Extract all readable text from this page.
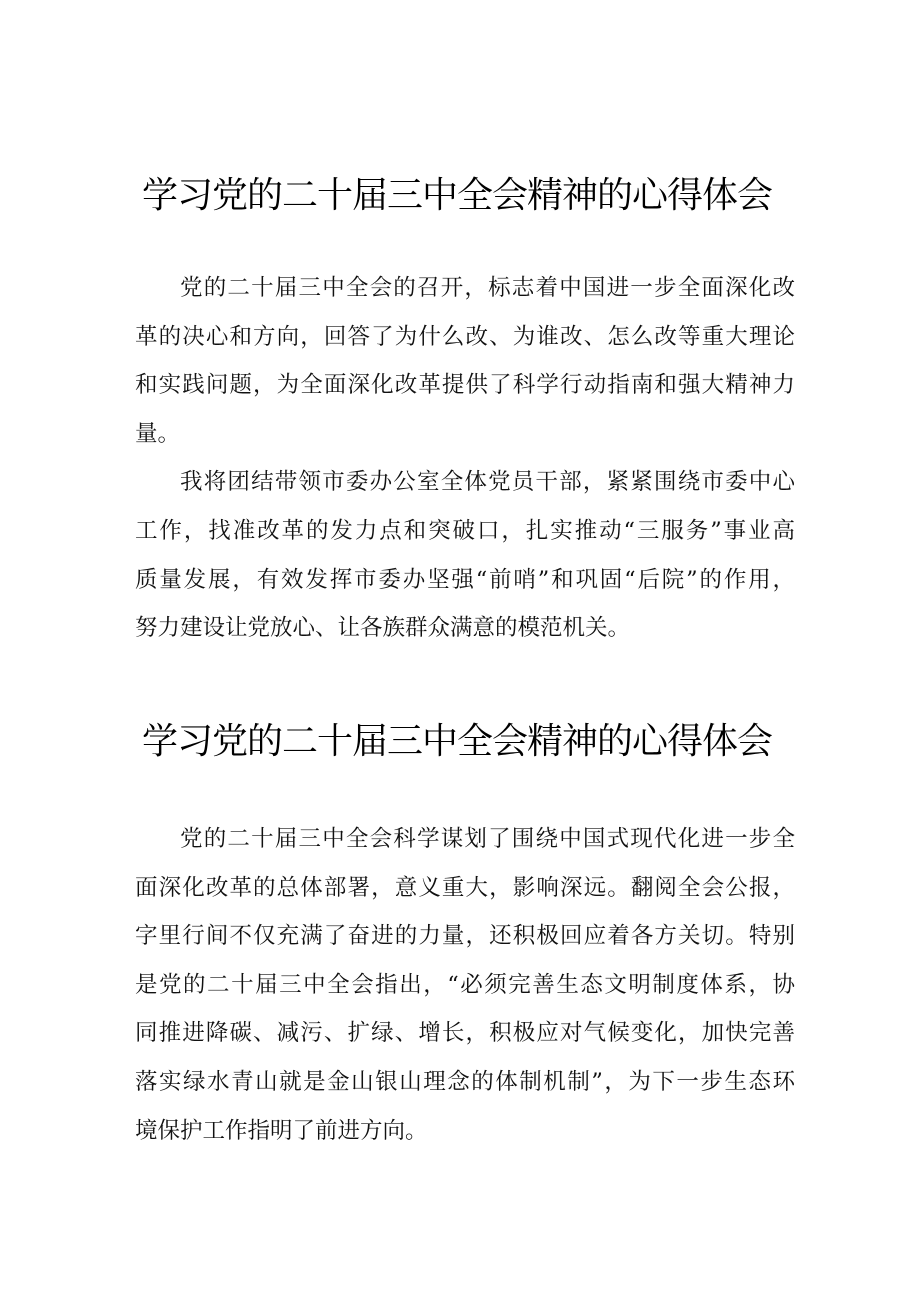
学习党的二十届三中全会精神的心得体会
党的二十届三中全会的召开，标志着中国进一步全面深化改
革的决心和方向，回答了为什么改、为谁改、怎么改等重大理论
和实践问题，为全面深化改革提供了科学行动指南和强大精神力
量。
我将团结带领市委办公室全体党员干部，紧紧围绕市委中心
工作，找准改革的发力点和突破口，扎实推动“三服务”事业高
质量发展，有效发挥市委办坚强“前哨”和巩固“后院”的作用，
努力建设让党放心、让各族群众满意的模范机关。
学习党的二十届三中全会精神的心得体会
党的二十届三中全会科学谋划了围绕中国式现代化进一步全
面深化改革的总体部署，意义重大，影响深远。翻阅全会公报，
字里行间不仅充满了奋进的力量，还积极回应着各方关切。特别
是党的二十届三中全会指出，“必须完善生态文明制度体系，协
同推进降碳、减污、扩绿、增长，积极应对气候变化，加快完善
落实绿水青山就是金山银山理念的体制机制”，为下一步生态环
境保护工作指明了前进方向。
